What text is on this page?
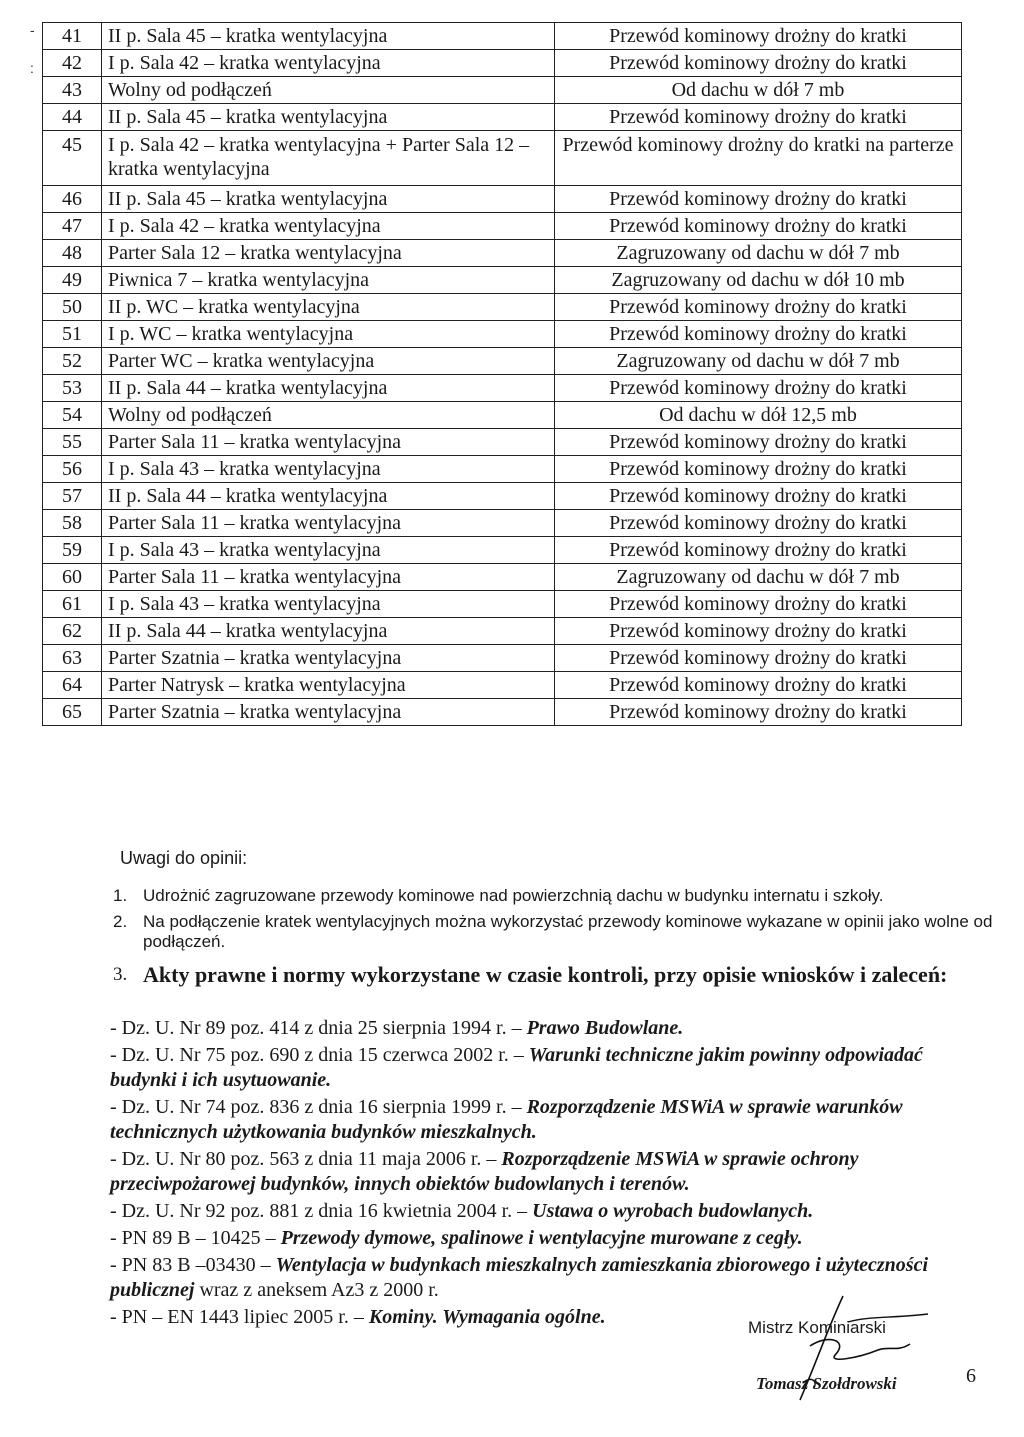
-
:
41	II p. Sala 45 – kratka wentylacyjna	Przewód kominowy drożny do kratki
42	I p. Sala 42 – kratka wentylacyjna	Przewód kominowy drożny do kratki
43	Wolny od podłączeń	Od dachu w dół 7 mb
44	II p. Sala 45 – kratka wentylacyjna	Przewód kominowy drożny do kratki
45	I p. Sala 42 – kratka wentylacyjna + Parter Sala 12 – kratka wentylacyjna	Przewód kominowy drożny do kratki na parterze
46	II p. Sala 45 – kratka wentylacyjna	Przewód kominowy drożny do kratki
47	I p. Sala 42 – kratka wentylacyjna	Przewód kominowy drożny do kratki
48	Parter Sala 12 – kratka wentylacyjna	Zagruzowany od dachu w dół 7 mb
49	Piwnica 7 – kratka wentylacyjna	Zagruzowany od dachu w dół 10 mb
50	II p. WC – kratka wentylacyjna	Przewód kominowy drożny do kratki
51	I p. WC – kratka wentylacyjna	Przewód kominowy drożny do kratki
52	Parter WC – kratka wentylacyjna	Zagruzowany od dachu w dół 7 mb
53	II p. Sala 44 – kratka wentylacyjna	Przewód kominowy drożny do kratki
54	Wolny od podłączeń	Od dachu w dół 12,5 mb
55	Parter Sala 11 – kratka wentylacyjna	Przewód kominowy drożny do kratki
56	I p. Sala 43 – kratka wentylacyjna	Przewód kominowy drożny do kratki
57	II p. Sala 44 – kratka wentylacyjna	Przewód kominowy drożny do kratki
58	Parter Sala 11 – kratka wentylacyjna	Przewód kominowy drożny do kratki
59	I p. Sala 43 – kratka wentylacyjna	Przewód kominowy drożny do kratki
60	Parter Sala 11 – kratka wentylacyjna	Zagruzowany od dachu w dół 7 mb
61	I p. Sala 43 – kratka wentylacyjna	Przewód kominowy drożny do kratki
62	II p. Sala 44 – kratka wentylacyjna	Przewód kominowy drożny do kratki
63	Parter Szatnia – kratka wentylacyjna	Przewód kominowy drożny do kratki
64	Parter Natrysk – kratka wentylacyjna	Przewód kominowy drożny do kratki
65	Parter Szatnia – kratka wentylacyjna	Przewód kominowy drożny do kratki
Uwagi do opinii:
1. Udrożnić zagruzowane przewody kominowe nad powierzchnią dachu w budynku internatu i szkoły.
2. Na podłączenie kratek wentylacyjnych można wykorzystać przewody kominowe wykazane w opinii jako wolne od podłączeń.
3. Akty prawne i normy wykorzystane w czasie kontroli, przy opisie wniosków i zaleceń:

- Dz. U. Nr 89 poz. 414 z dnia 25 sierpnia 1994 r. – Prawo Budowlane.

- Dz. U. Nr 75 poz. 690 z dnia 15 czerwca 2002 r. – Warunki techniczne jakim powinny odpowiadać budynki i ich usytuowanie.

- Dz. U. Nr 74 poz. 836 z dnia 16 sierpnia 1999 r. – Rozporządzenie MSWiA w sprawie warunków technicznych użytkowania budynków mieszkalnych.

- Dz. U. Nr 80 poz. 563 z dnia 11 maja 2006 r. – Rozporządzenie MSWiA w sprawie ochrony przeciwpożarowej budynków, innych obiektów budowlanych i terenów.

- Dz. U. Nr 92 poz. 881 z dnia 16 kwietnia 2004 r. – Ustawa o wyrobach budowlanych.

- PN 89 B – 10425 – Przewody dymowe, spalinowe i wentylacyjne murowane z cegły.

- PN 83 B –03430 – Wentylacja w budynkach mieszkalnych zamieszkania zbiorowego i użyteczności publicznej wraz z aneksem Az3 z 2000 r.

- PN – EN 1443 lipiec 2005 r. – Kominy. Wymagania ogólne.	Mistrz Kominiarski
Tomasz Szołdrowski	6
